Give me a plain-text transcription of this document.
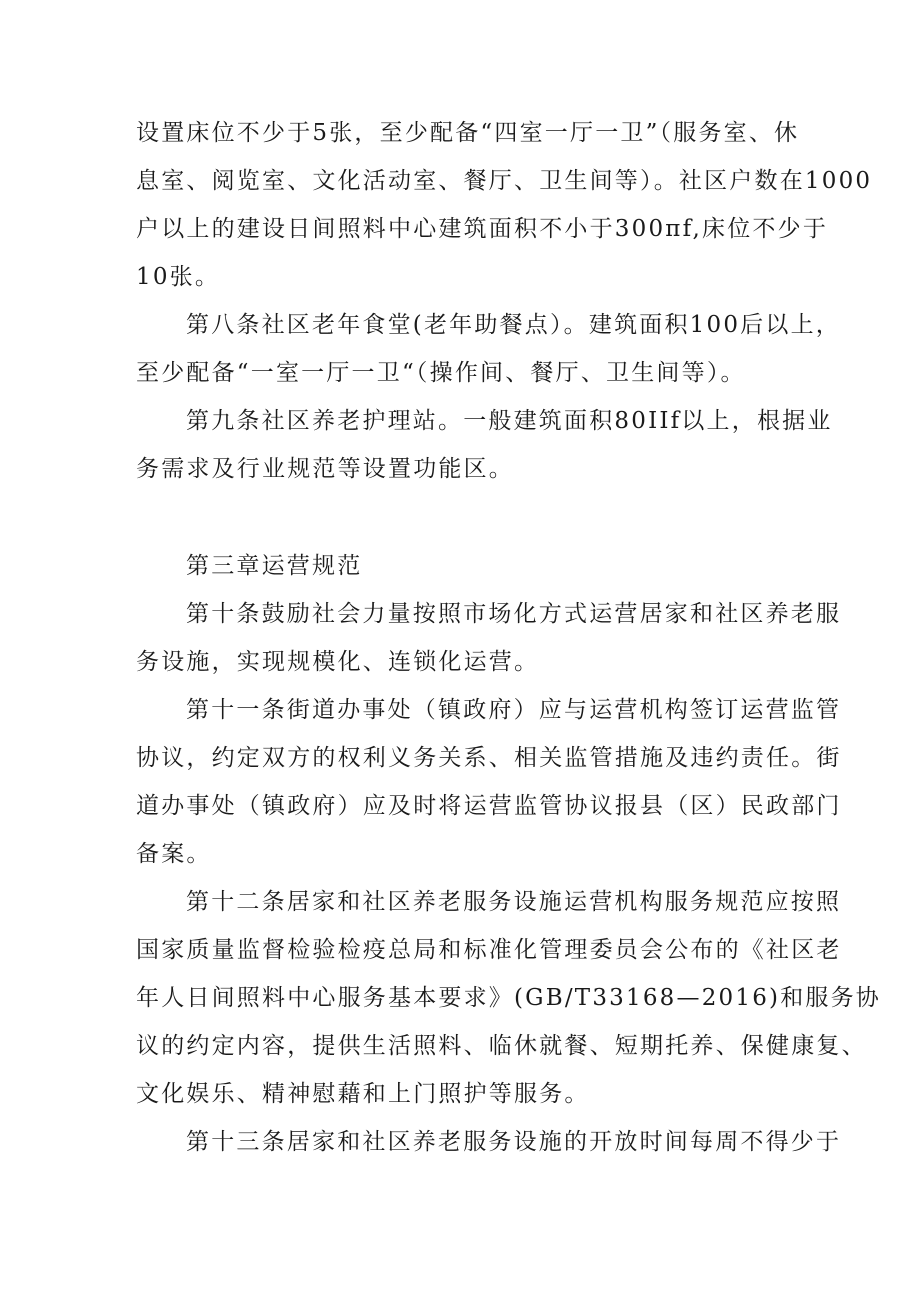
设置床位不少于5张，至少配备“四室一厅一卫”（服务室、休
息室、阅览室、文化活动室、餐厅、卫生间等）。社区户数在1000
户以上的建设日间照料中心建筑面积不小于300πf,床位不少于
10张。
第八条社区老年食堂(老年助餐点）。建筑面积100后以上，
至少配备“一室一厅一卫“（操作间、餐厅、卫生间等）。
第九条社区养老护理站。一般建筑面积80IIf以上，根据业
务需求及行业规范等设置功能区。
第三章运营规范
第十条鼓励社会力量按照市场化方式运营居家和社区养老服
务设施，实现规模化、连锁化运营。
第十一条街道办事处（镇政府）应与运营机构签订运营监管
协议，约定双方的权利义务关系、相关监管措施及违约责任。街
道办事处（镇政府）应及时将运营监管协议报县（区）民政部门
备案。
第十二条居家和社区养老服务设施运营机构服务规范应按照
国家质量监督检验检疫总局和标准化管理委员会公布的《社区老
年人日间照料中心服务基本要求》(GB/T33168—2016)和服务协
议的约定内容，提供生活照料、临休就餐、短期托养、保健康复、
文化娱乐、精神慰藉和上门照护等服务。
第十三条居家和社区养老服务设施的开放时间每周不得少于
